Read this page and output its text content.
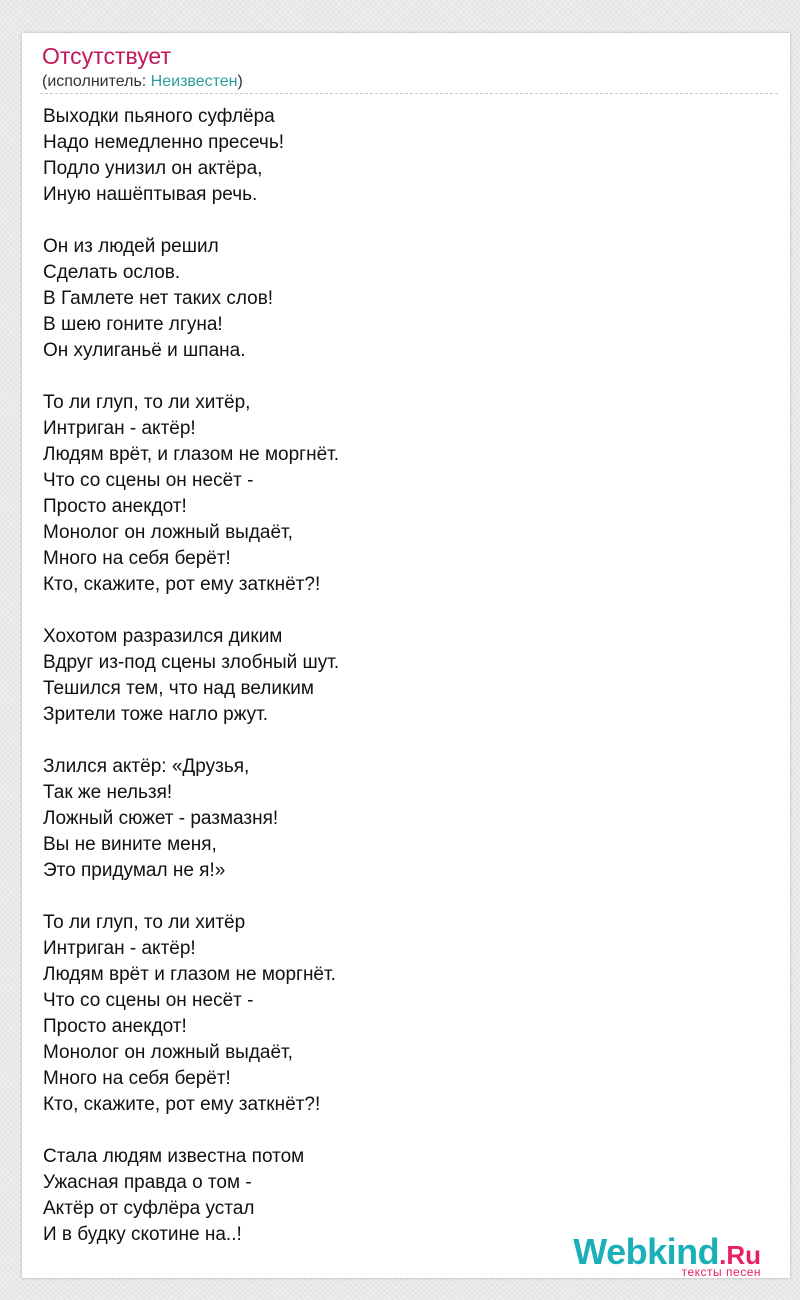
Отсутствует
(исполнитель: Неизвестен)
Выходки пьяного суфлёра
Надо немедленно пресечь!
Подло унизил он актёра,
Иную нашёптывая речь.
Он из людей решил
Сделать ослов.
В Гамлете нет таких слов!
В шею гоните лгуна!
Он хулиганьё и шпана.
То ли глуп, то ли хитёр,
Интриган - актёр!
Людям врёт, и глазом не моргнёт.
Что со сцены он несёт -
Просто анекдот!
Монолог он ложный выдаёт,
Много на себя берёт!
Кто, скажите, рот ему заткнёт?!
Хохотом разразился диким
Вдруг из-под сцены злобный шут.
Тешился тем, что над великим
Зрители тоже нагло ржут.
Злился актёр: «Друзья,
Так же нельзя!
Ложный сюжет - размазня!
Вы не вините меня,
Это придумал не я!»
То ли глуп, то ли хитёр
Интриган - актёр!
Людям врёт и глазом не моргнёт.
Что со сцены он несёт -
Просто анекдот!
Монолог он ложный выдаёт,
Много на себя берёт!
Кто, скажите, рот ему заткнёт?!
Стала людям известна потом
Ужасная правда о том -
Актёр от суфлёра устал
И в будку скотине на..!	Webkind.Ru
тексты песен
